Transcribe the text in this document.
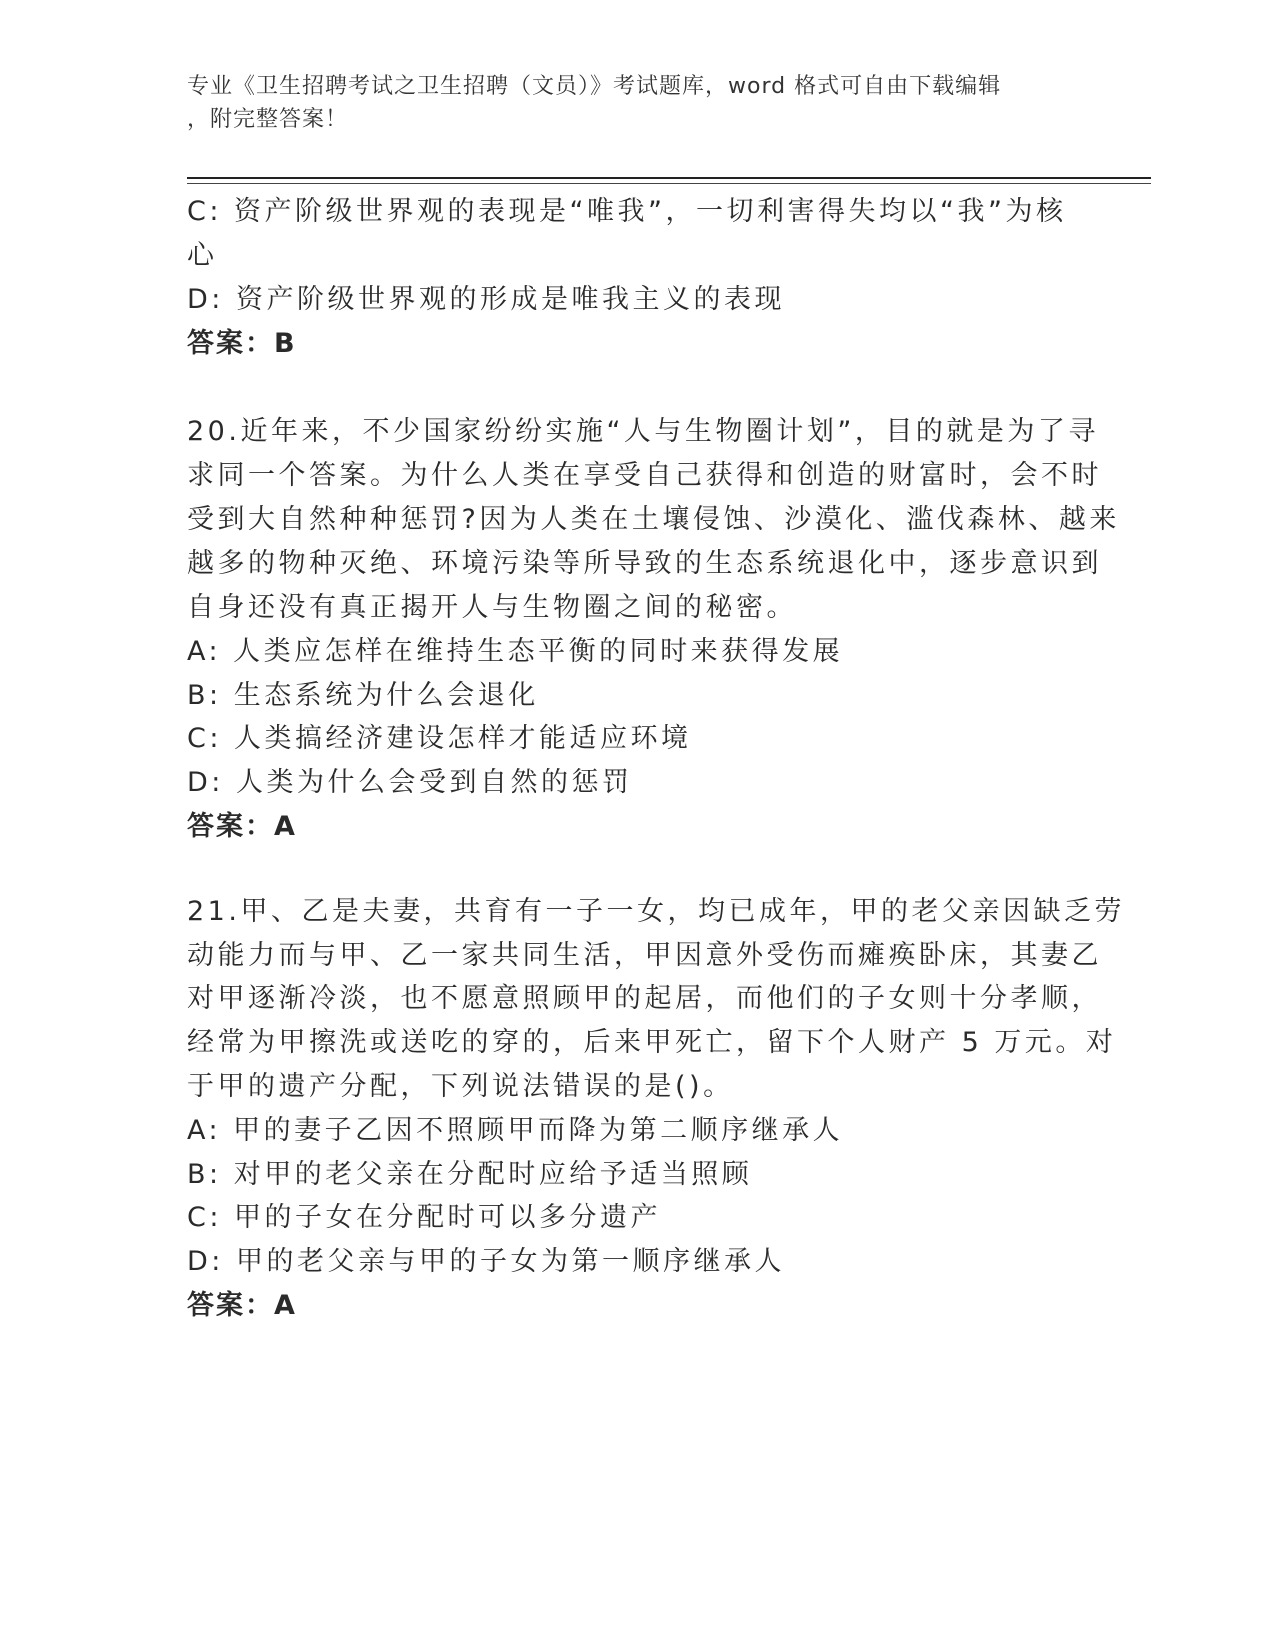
专业《卫生招聘考试之卫生招聘（文员）》考试题库，word 格式可自由下载编辑

，附完整答案！

C: 资产阶级世界观的表现是“唯我”，一切利害得失均以“我”为核

心

D: 资产阶级世界观的形成是唯我主义的表现

答案：B

20.近年来，不少国家纷纷实施“人与生物圈计划”，目的就是为了寻

求同一个答案。为什么人类在享受自己获得和创造的财富时，会不时

受到大自然种种惩罚?因为人类在土壤侵蚀、沙漠化、滥伐森林、越来

越多的物种灭绝、环境污染等所导致的生态系统退化中，逐步意识到

自身还没有真正揭开人与生物圈之间的秘密。

A: 人类应怎样在维持生态平衡的同时来获得发展

B: 生态系统为什么会退化

C: 人类搞经济建设怎样才能适应环境

D: 人类为什么会受到自然的惩罚

答案：A

21.甲、乙是夫妻，共育有一子一女，均已成年，甲的老父亲因缺乏劳

动能力而与甲、乙一家共同生活，甲因意外受伤而瘫痪卧床，其妻乙

对甲逐渐冷淡，也不愿意照顾甲的起居，而他们的子女则十分孝顺，

经常为甲擦洗或送吃的穿的，后来甲死亡，留下个人财产 5 万元。对

于甲的遗产分配，下列说法错误的是()。

A: 甲的妻子乙因不照顾甲而降为第二顺序继承人

B: 对甲的老父亲在分配时应给予适当照顾

C: 甲的子女在分配时可以多分遗产

D: 甲的老父亲与甲的子女为第一顺序继承人

答案：A
